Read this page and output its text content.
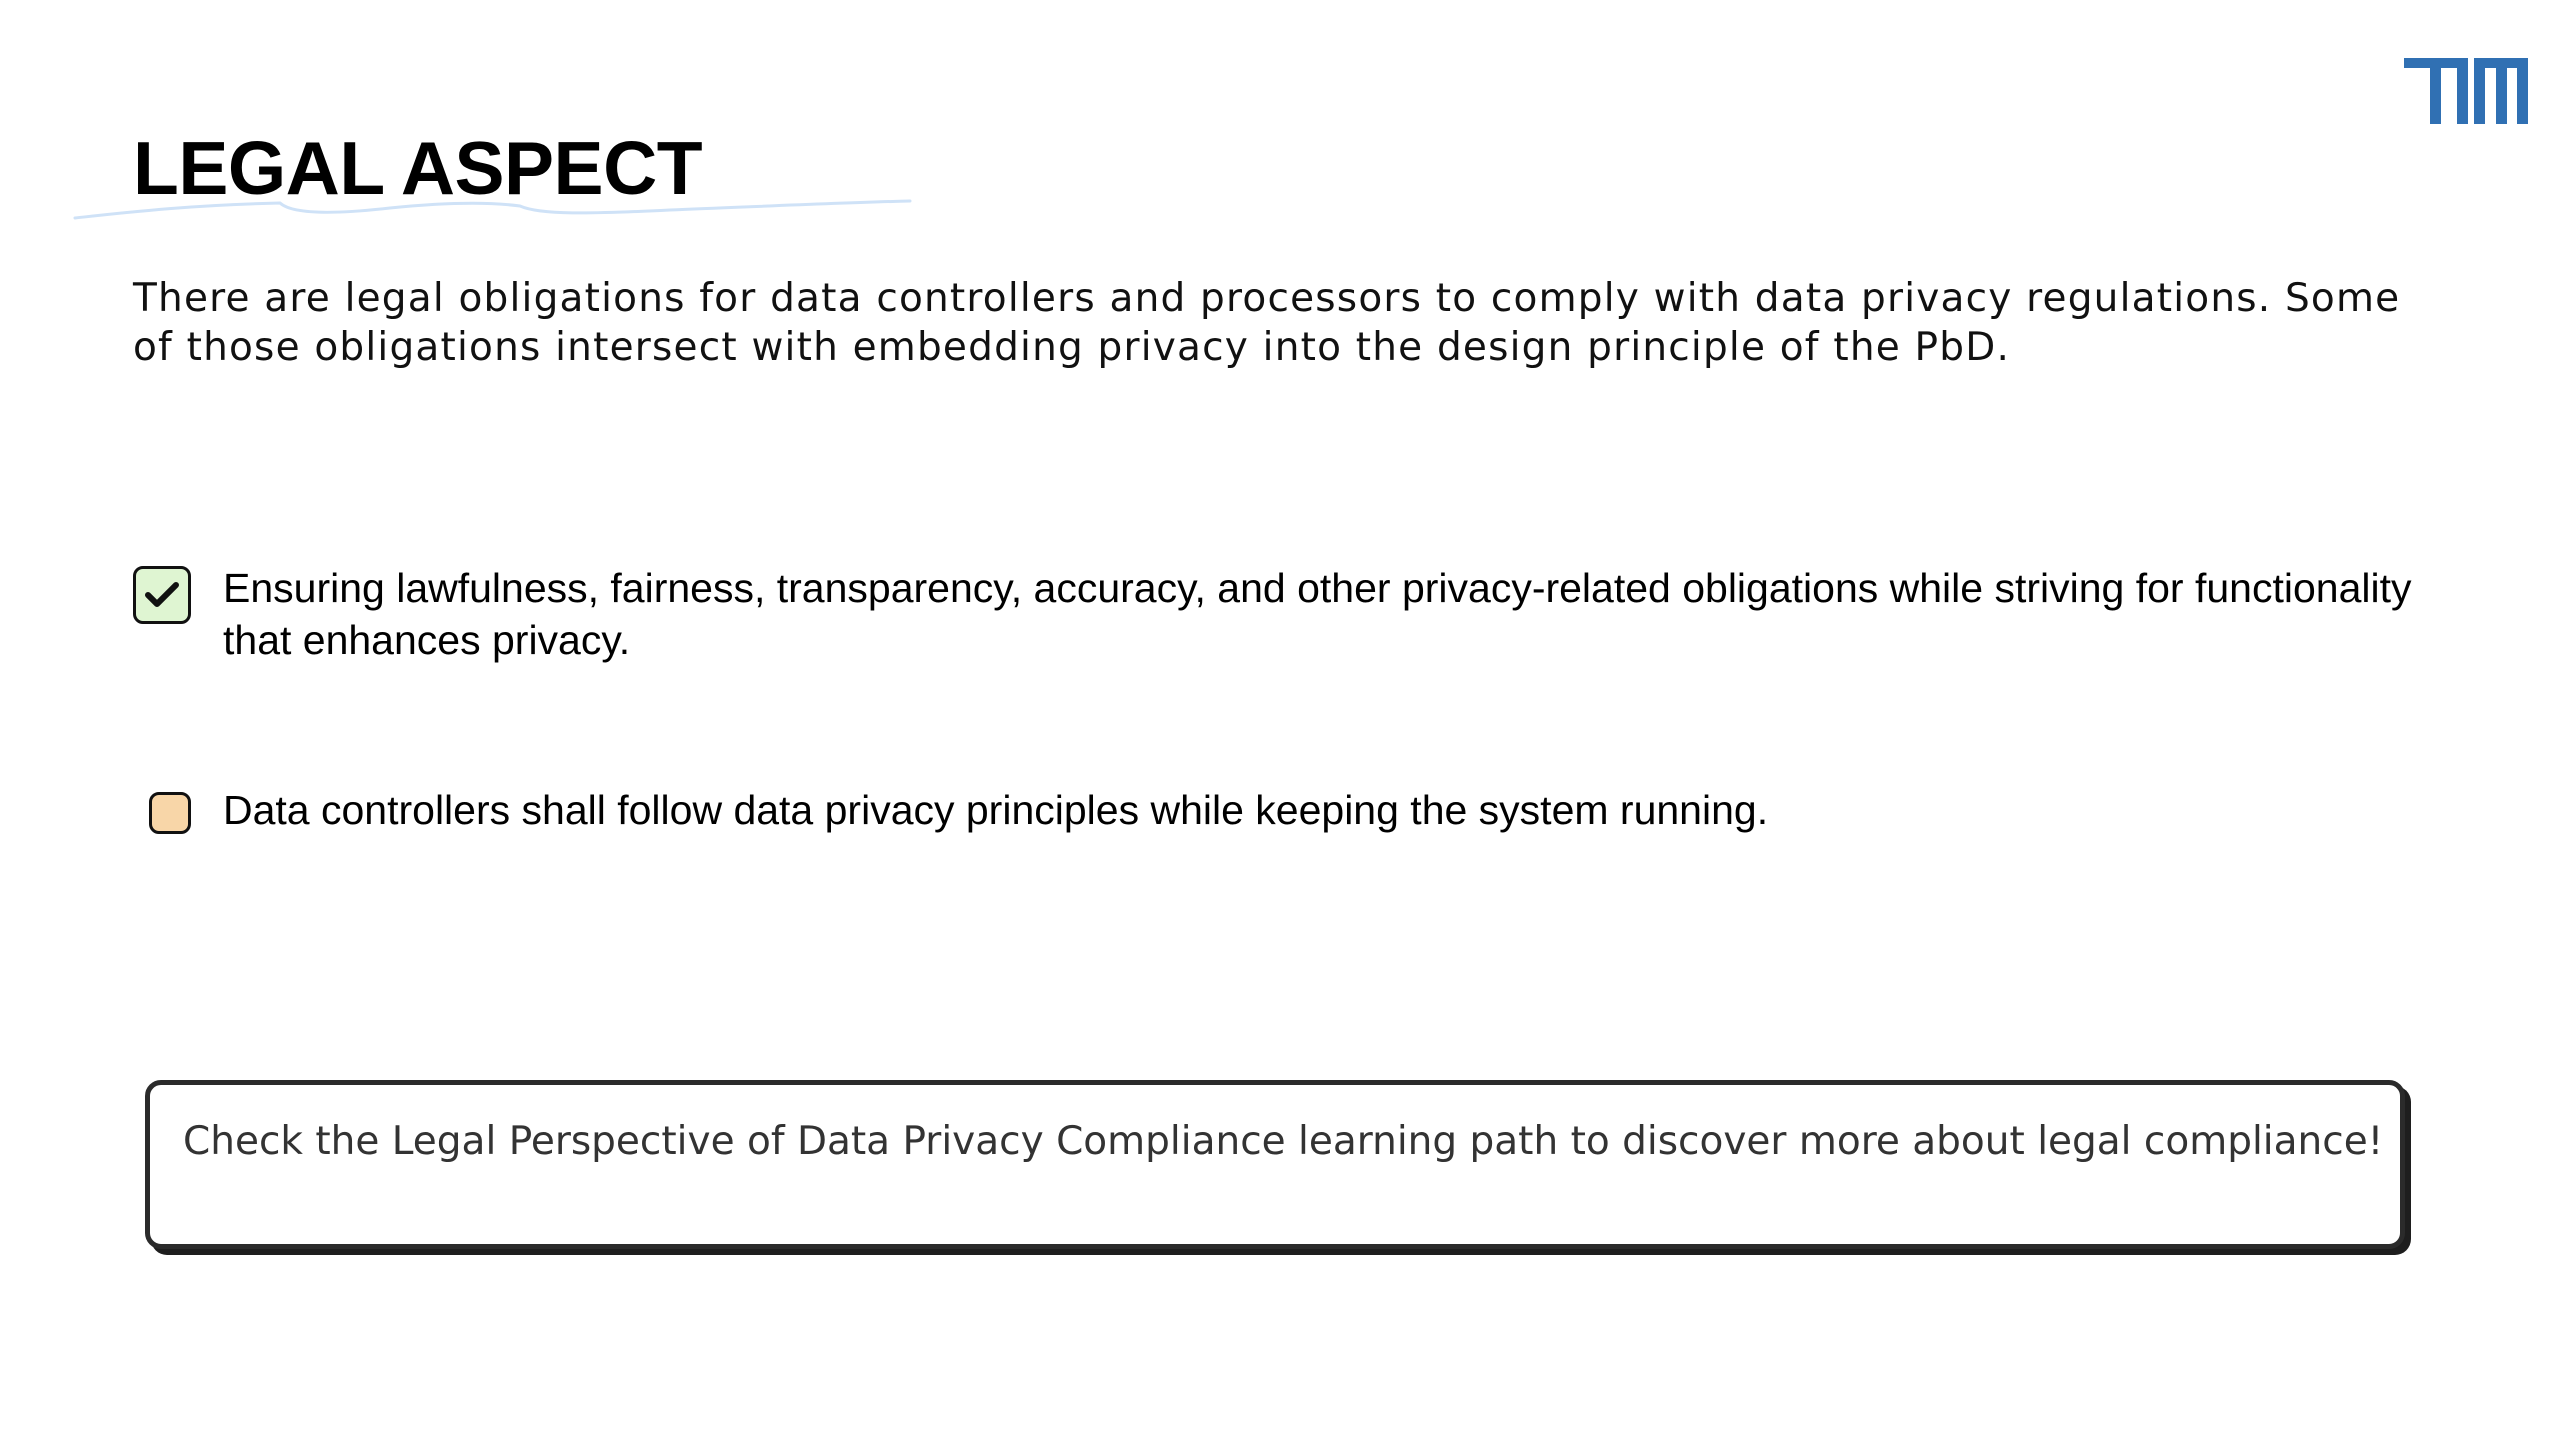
LEGAL ASPECT

There are legal obligations for data controllers and processors to comply with data privacy regulations. Some of those obligations intersect with embedding privacy into the design principle of the PbD.

Ensuring lawfulness, fairness, transparency, accuracy, and other privacy-related obligations while striving for functionality that enhances privacy.
Data controllers shall follow data privacy principles while keeping the system running.

Check the Legal Perspective of Data Privacy Compliance learning path to discover more about legal compliance!
